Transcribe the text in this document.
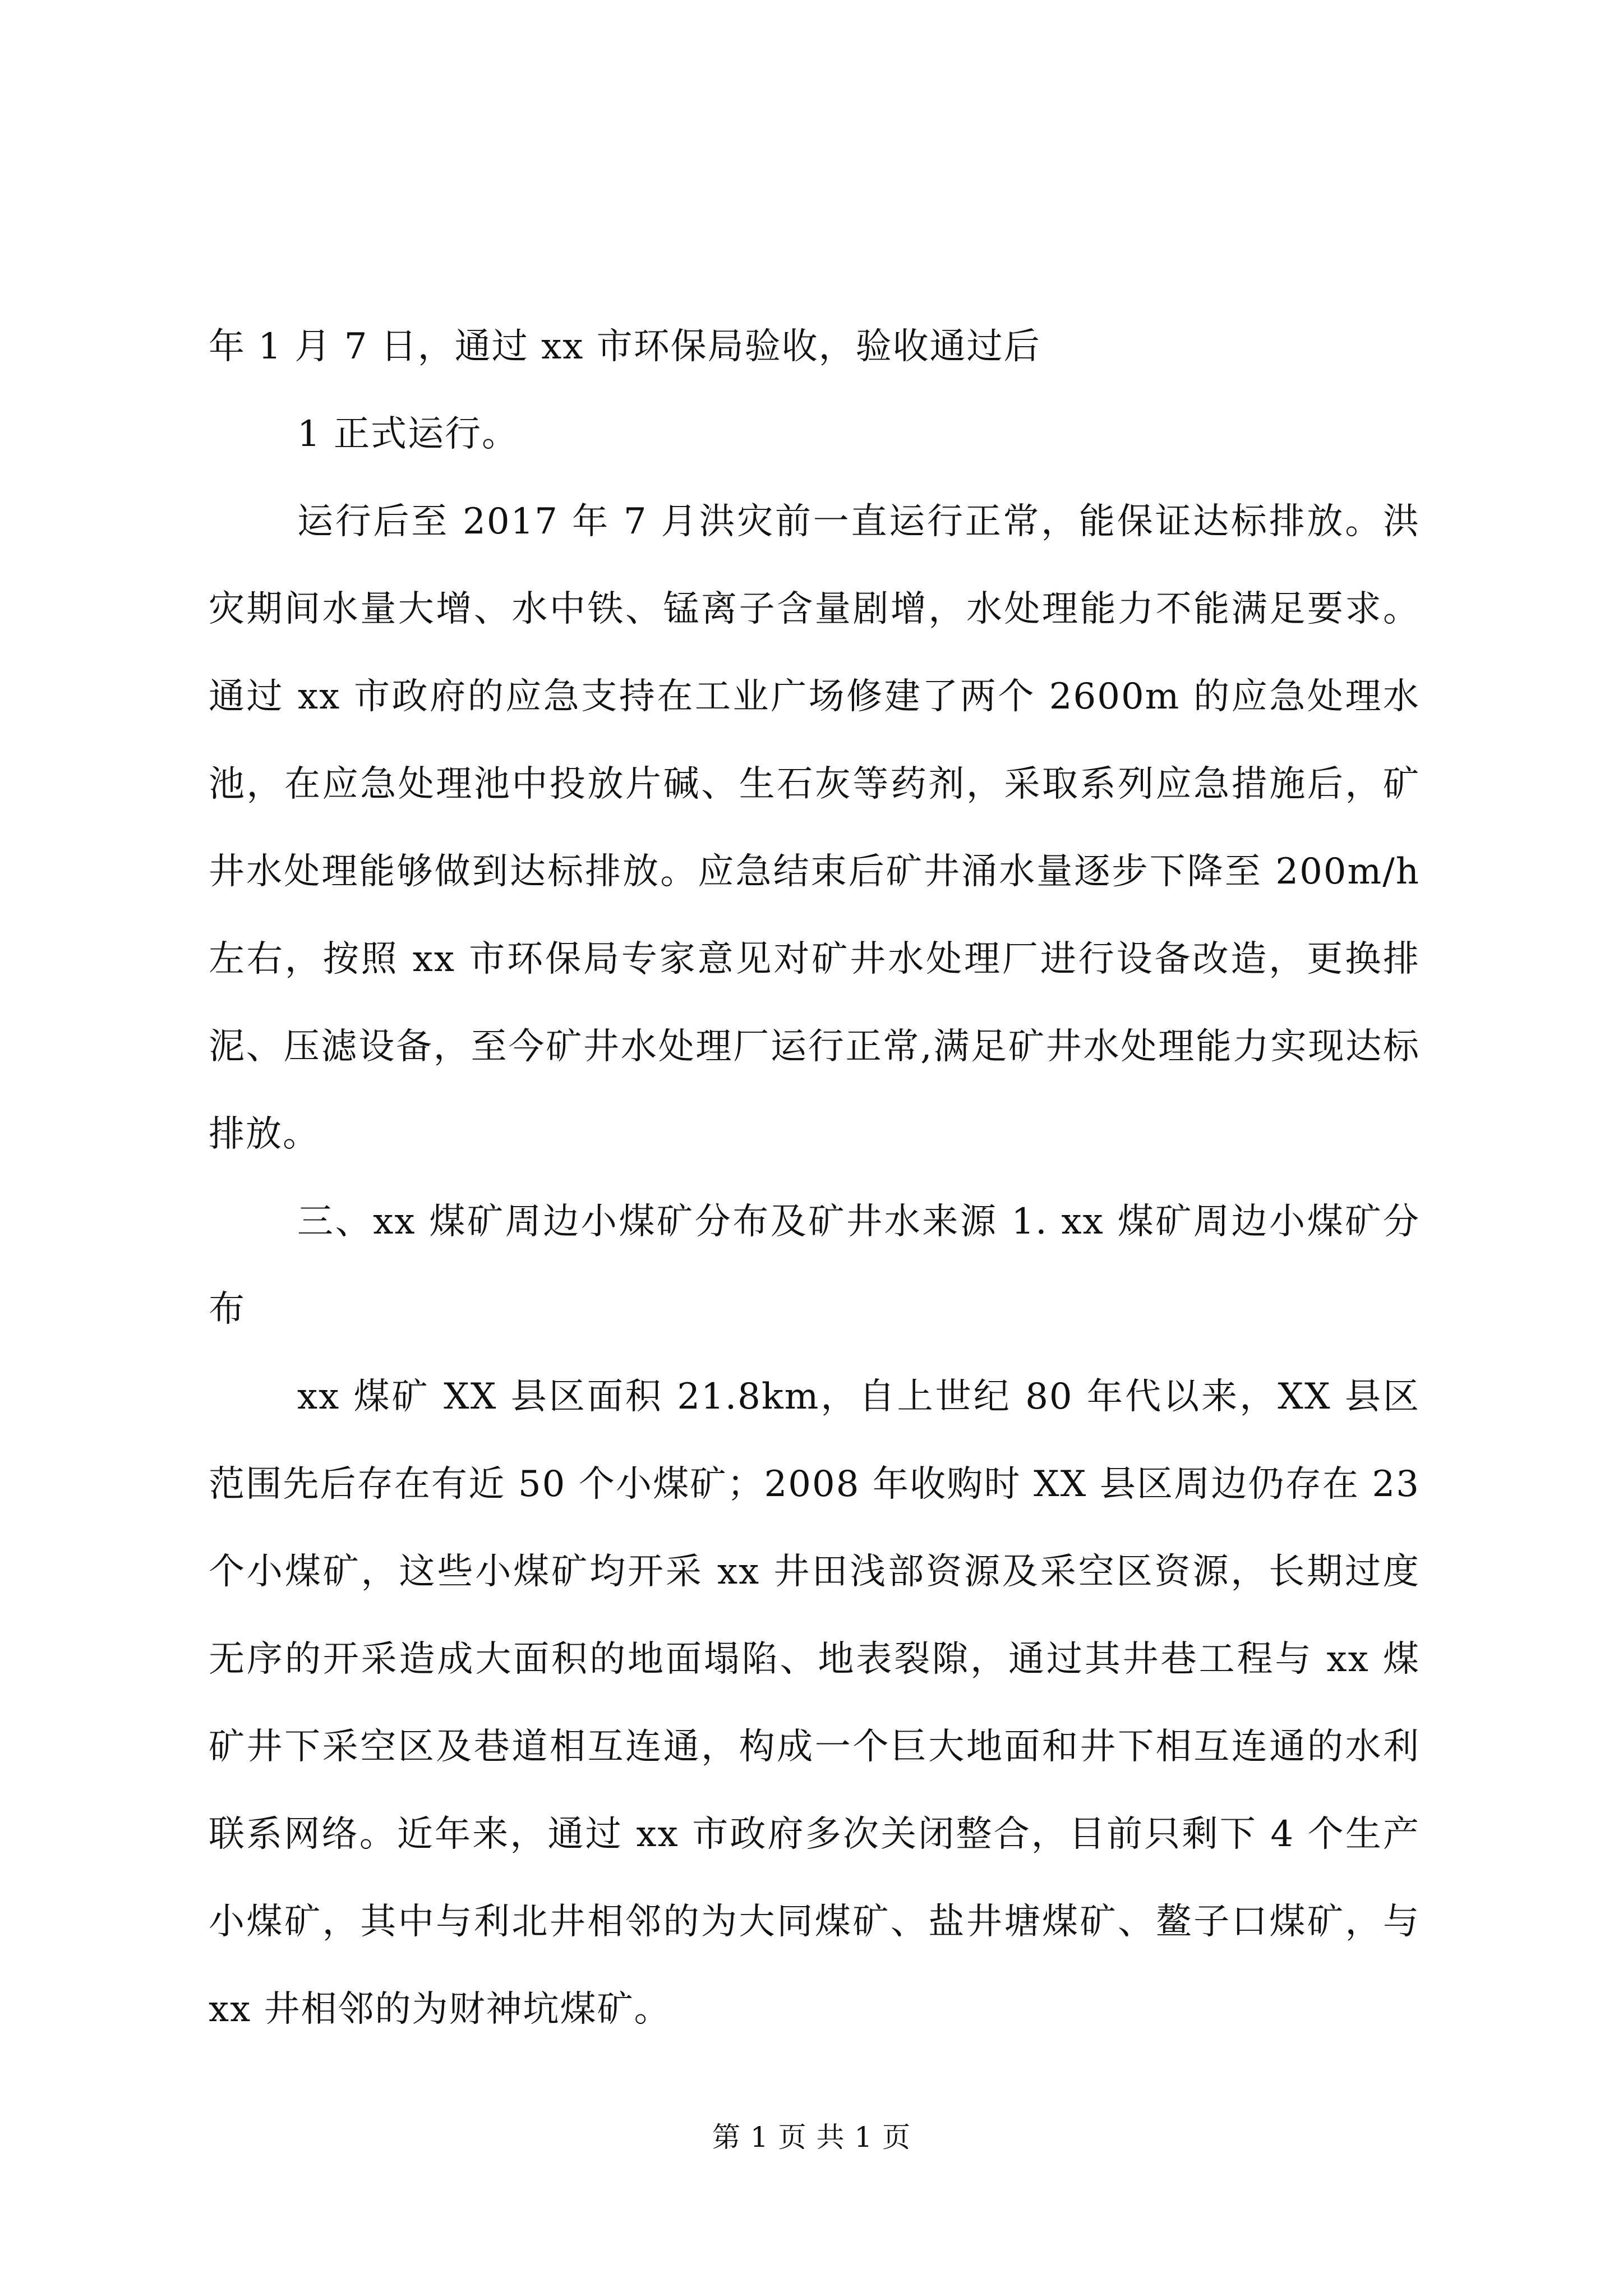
年 1 月 7 日，通过 xx 市环保局验收，验收通过后

1 正式运行。

运行后至 2017 年 7 月洪灾前一直运行正常，能保证达标排放。洪灾期间水量大增、水中铁、锰离子含量剧增，水处理能力不能满足要求。通过 xx 市政府的应急支持在工业广场修建了两个 2600m 的应急处理水池，在应急处理池中投放片碱、生石灰等药剂，采取系列应急措施后，矿井水处理能够做到达标排放。应急结束后矿井涌水量逐步下降至 200m/h 左右，按照 xx 市环保局专家意见对矿井水处理厂进行设备改造，更换排泥、压滤设备，至今矿井水处理厂运行正常,满足矿井水处理能力实现达标排放。

三、xx 煤矿周边小煤矿分布及矿井水来源 1. xx 煤矿周边小煤矿分布

xx 煤矿 XX 县区面积 21.8km，自上世纪 80 年代以来，XX 县区范围先后存在有近 50 个小煤矿；2008 年收购时 XX 县区周边仍存在 23 个小煤矿，这些小煤矿均开采 xx 井田浅部资源及采空区资源，长期过度无序的开采造成大面积的地面塌陷、地表裂隙，通过其井巷工程与 xx 煤矿井下采空区及巷道相互连通，构成一个巨大地面和井下相互连通的水利联系网络。近年来，通过 xx 市政府多次关闭整合，目前只剩下 4 个生产小煤矿，其中与利北井相邻的为大同煤矿、盐井塘煤矿、鳌子口煤矿，与 xx 井相邻的为财神坑煤矿。

第 1 页 共 1 页
